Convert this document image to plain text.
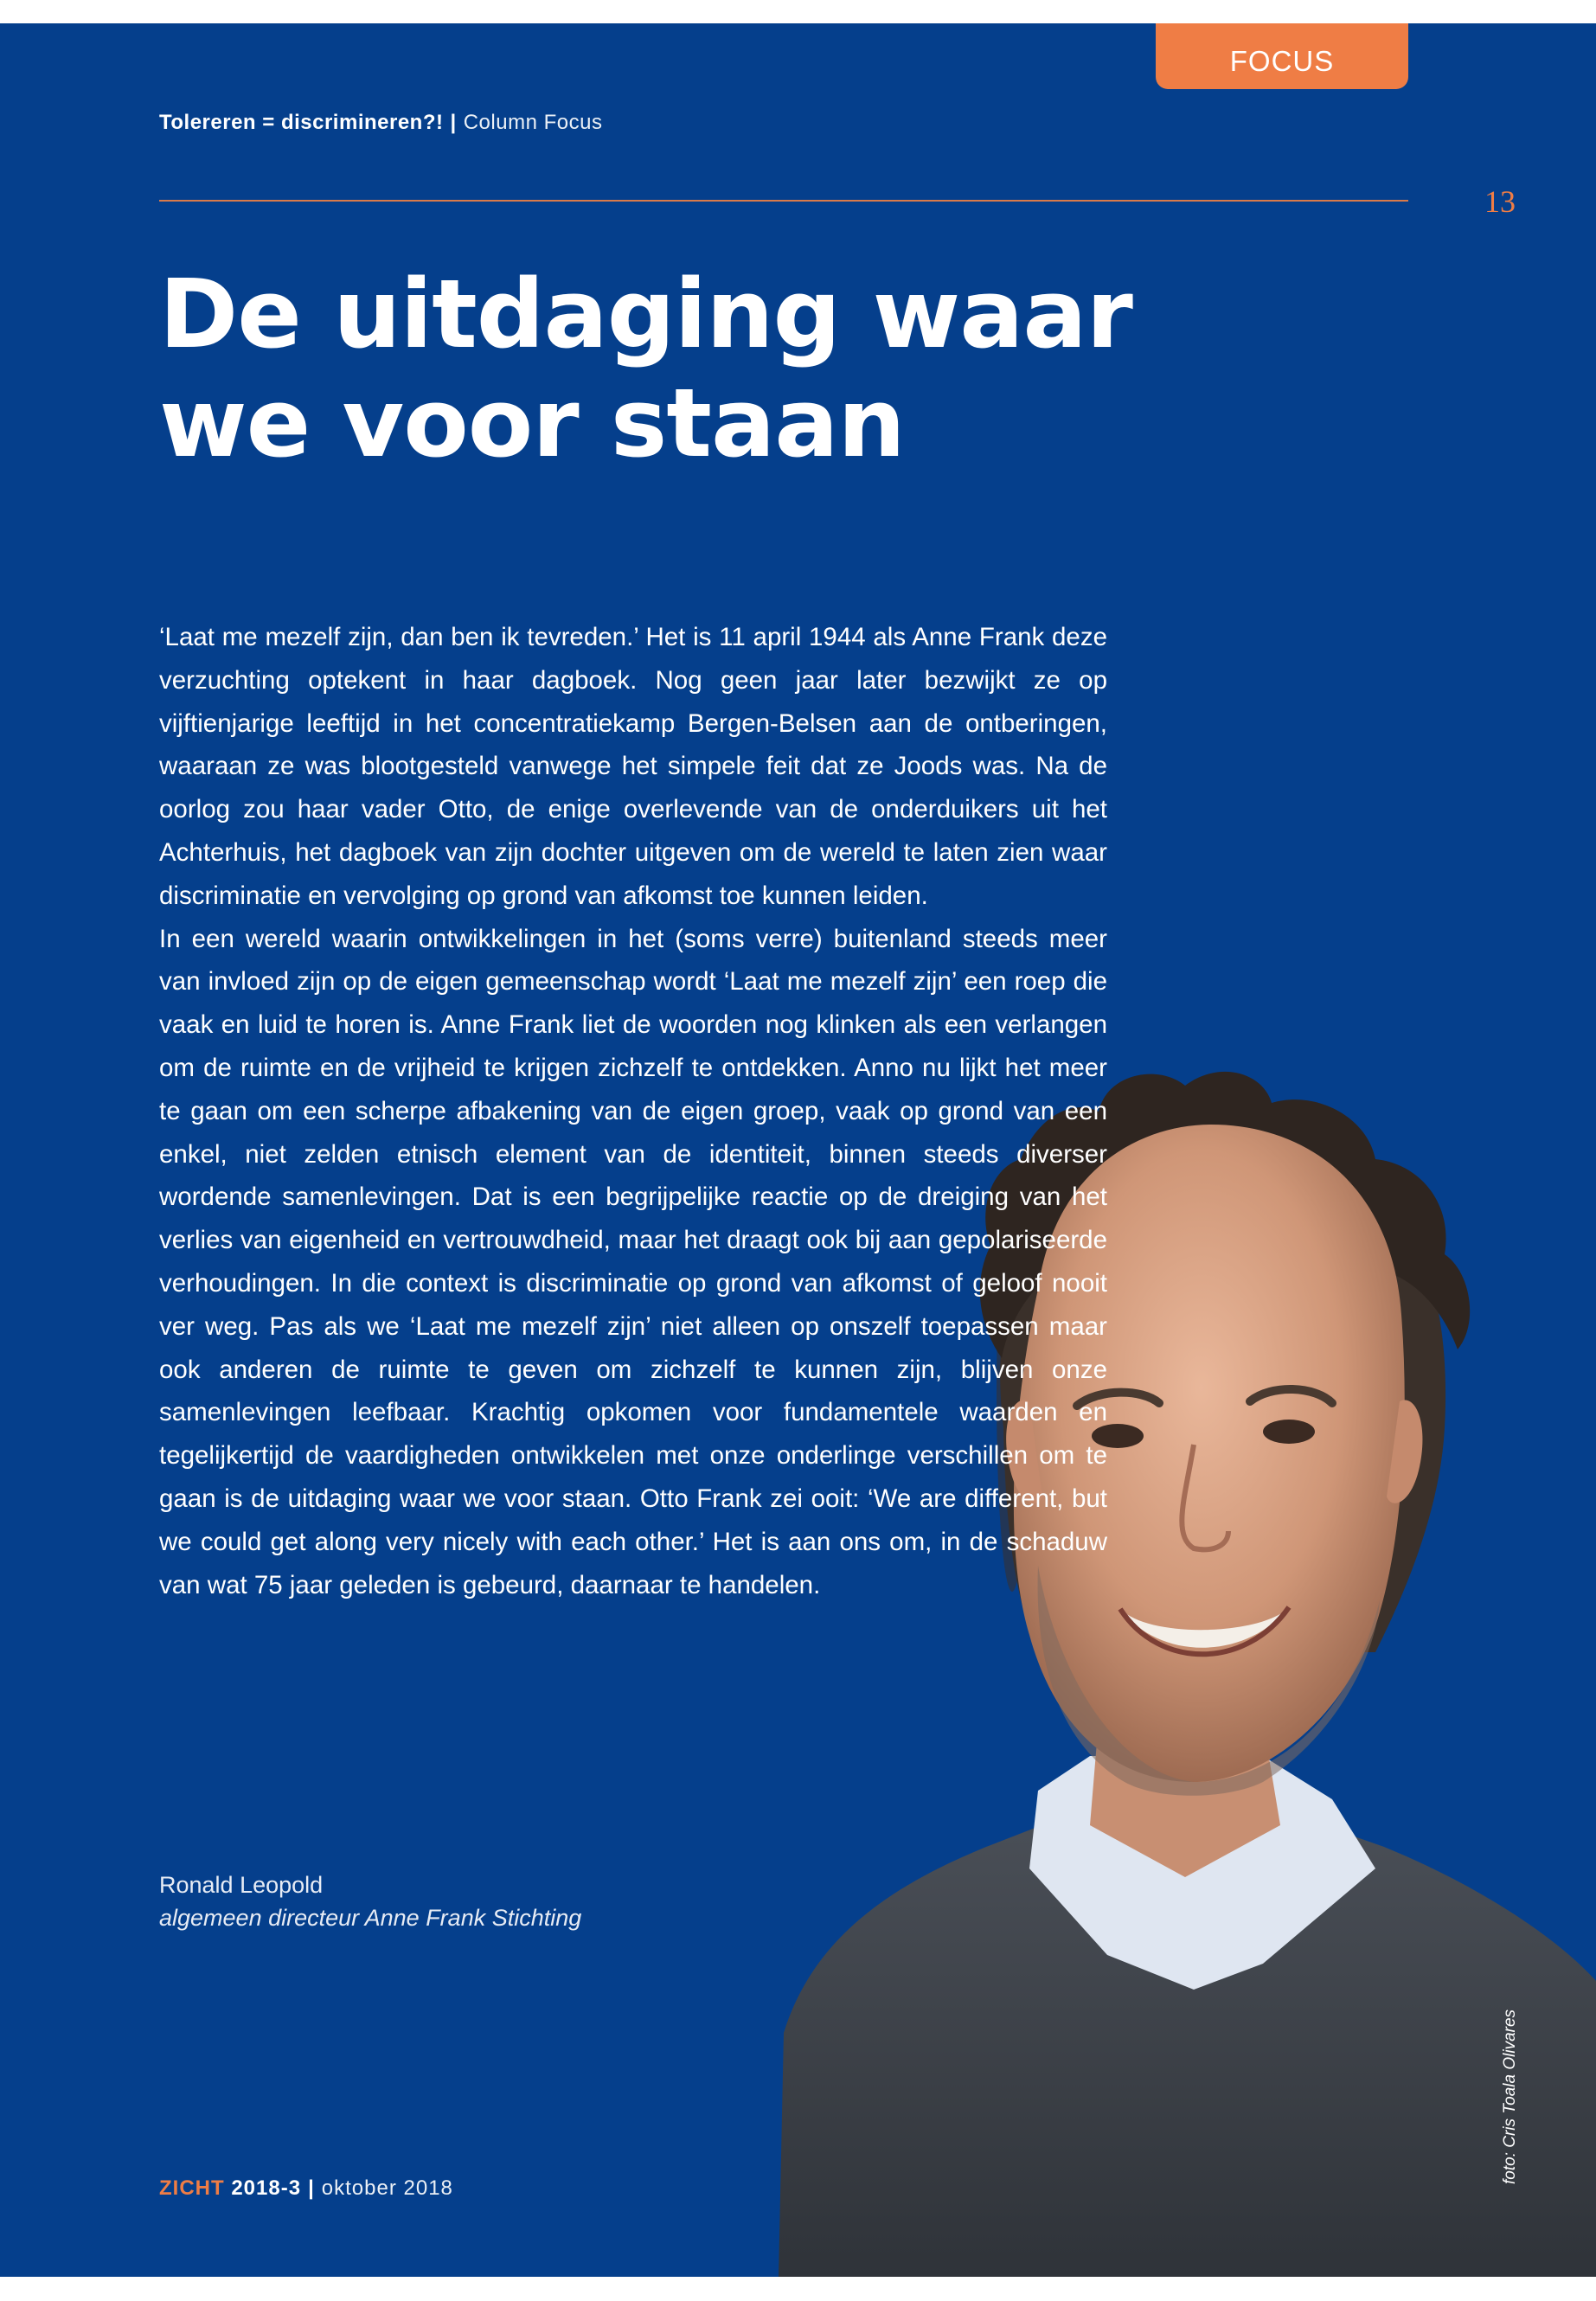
FOCUS
Tolereren = discrimineren?! | Column Focus
13
De uitdaging waar we voor staan

‘Laat me mezelf zijn, dan ben ik tevreden.’ Het is 11 april 1944 als Anne Frank deze verzuchting optekent in haar dagboek. Nog geen jaar later bezwijkt ze op vijftienjarige leeftijd in het concentratiekamp Bergen-Belsen aan de ontberingen, waaraan ze was blootgesteld vanwege het simpele feit dat ze Joods was. Na de oorlog zou haar vader Otto, de enige overlevende van de onderduikers uit het Achterhuis, het dagboek van zijn dochter uitgeven om de wereld te laten zien waar discriminatie en vervolging op grond van afkomst toe kunnen leiden.

In een wereld waarin ontwikkelingen in het (soms verre) buitenland steeds meer van invloed zijn op de eigen gemeenschap wordt ‘Laat me mezelf zijn’ een roep die vaak en luid te horen is. Anne Frank liet de woorden nog klinken als een verlangen om de ruimte en de vrijheid te krijgen zichzelf te ontdekken. Anno nu lijkt het meer te gaan om een scherpe afbakening van de eigen groep, vaak op grond van een enkel, niet zelden etnisch element van de identiteit, binnen steeds diverser wordende samenlevingen. Dat is een begrijpelijke reactie op de dreiging van het verlies van eigenheid en vertrouwdheid, maar het draagt ook bij aan gepolariseerde verhoudingen. In die context is discriminatie op grond van afkomst of geloof nooit ver weg. Pas als we ‘Laat me mezelf zijn’ niet alleen op onszelf toepassen maar ook anderen de ruimte te geven om zichzelf te kunnen zijn, blijven onze samenlevingen leefbaar. Krachtig opkomen voor fundamentele waarden en tegelijkertijd de vaardigheden ontwikkelen met onze onderlinge verschillen om te gaan is de uitdaging waar we voor staan. Otto Frank zei ooit: ‘We are different, but we could get along very nicely with each other.’ Het is aan ons om, in de schaduw van wat 75 jaar geleden is gebeurd, daarnaar te handelen.

Ronald Leopold
algemeen directeur Anne Frank Stichting
foto: Cris Toala Olivares
ZICHT 2018-3 | oktober 2018
